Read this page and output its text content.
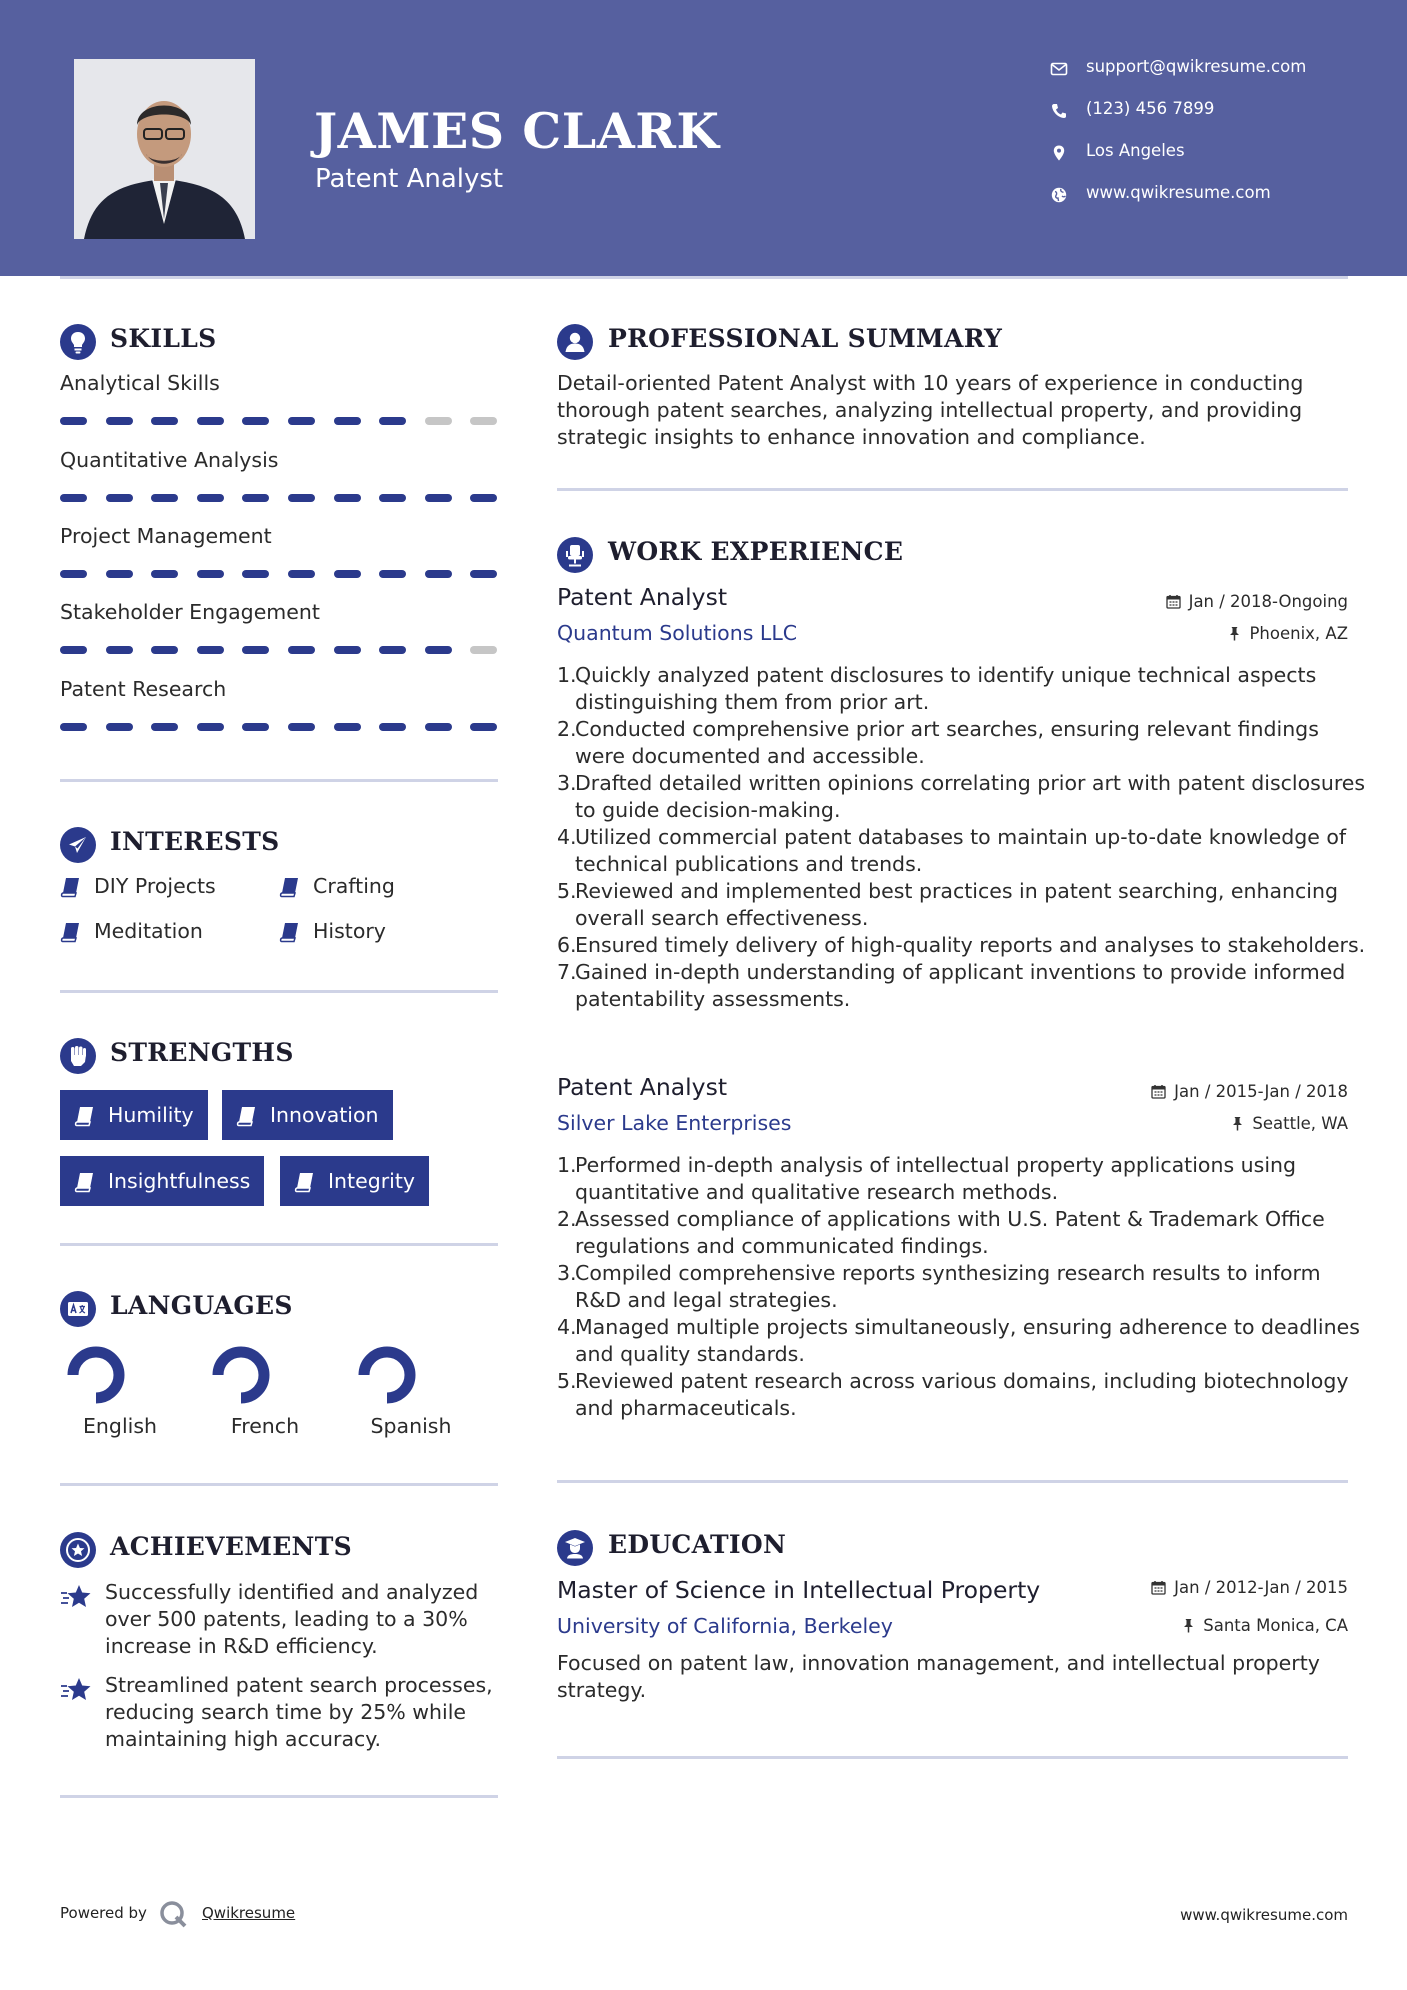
JAMES CLARK
Patent Analyst
support@qwikresume.com
(123) 456 7899
Los Angeles
www.qwikresume.com
SKILLS
Analytical Skills
Quantitative Analysis
Project Management
Stakeholder Engagement
Patent Research
INTERESTS
DIY Projects	Crafting
Meditation	History
STRENGTHS
Humility	Innovation
Insightfulness	Integrity
LANGUAGES
English	French	Spanish
ACHIEVEMENTS
Successfully identified and analyzed over 500 patents, leading to a 30% increase in R&D efficiency.
Streamlined patent search processes, reducing search time by 25% while maintaining high accuracy.
PROFESSIONAL SUMMARY
Detail-oriented Patent Analyst with 10 years of experience in conducting thorough patent searches, analyzing intellectual property, and providing strategic insights to enhance innovation and compliance.
WORK EXPERIENCE
Patent Analyst	Jan / 2018-Ongoing
Quantum Solutions LLC	Phoenix, AZ
Quickly analyzed patent disclosures to identify unique technical aspects distinguishing them from prior art.
Conducted comprehensive prior art searches, ensuring relevant findings were documented and accessible.
Drafted detailed written opinions correlating prior art with patent disclosures to guide decision-making.
Utilized commercial patent databases to maintain up-to-date knowledge of technical publications and trends.
Reviewed and implemented best practices in patent searching, enhancing overall search effectiveness.
Ensured timely delivery of high-quality reports and analyses to stakeholders.
Gained in-depth understanding of applicant inventions to provide informed patentability assessments.
Patent Analyst	Jan / 2015-Jan / 2018
Silver Lake Enterprises	Seattle, WA
Performed in-depth analysis of intellectual property applications using quantitative and qualitative research methods.
Assessed compliance of applications with U.S. Patent & Trademark Office regulations and communicated findings.
Compiled comprehensive reports synthesizing research results to inform R&D and legal strategies.
Managed multiple projects simultaneously, ensuring adherence to deadlines and quality standards.
Reviewed patent research across various domains, including biotechnology and pharmaceuticals.
EDUCATION
Master of Science in Intellectual Property	Jan / 2012-Jan / 2015
University of California, Berkeley	Santa Monica, CA
Focused on patent law, innovation management, and intellectual property strategy.
Powered by	Qwikresume	www.qwikresume.com
